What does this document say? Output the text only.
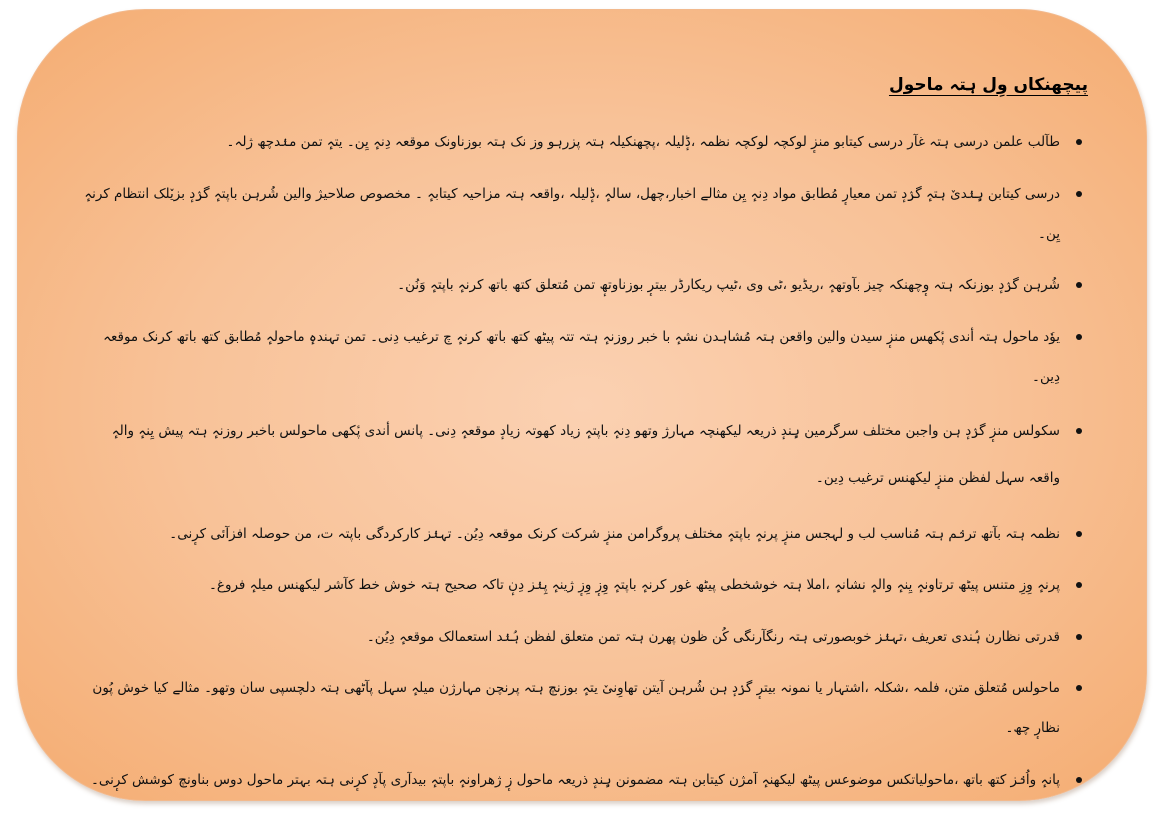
پیچھنکاں وِل ہتہ ماحول
طآلب علمن درسی ہتہ غآر درسی کیتابو منزٕ لوکچہ لوکچہ نظمہ ،ڈٕلیلہ ،پچھنکیلہ ہتہ پزرہو وز نک ہتہ بوزناونک موقعہ دِنہٕ یِن۔ یتہٕ تمن منٛدچھ ژلہ۔
درسی کیتابن ہٕنٛدیٚ ہتہٕ گرٛدٕ تمن معیارٕ مُطابق مواد دِنہٕ یِن مثالے اخبار،چھل، سالہٕ ،ڈٕلیلہ ،واقعہ ہتہ مزاحیہ کیتابہٕ ۔ مخصوص صلاحیژ والین شُرہن باپتہٕ گرٛدٕ بزیٚلک انتظام کرنہٕ یِن۔
شُرہن گرٛدٕ بوزنکہ ہتہ وٕچھنکہ چیز بآوتھہٕ ،ریڈیو ،ٹی وی ،ٹیپ ریکارڈر بیترٕ بوزناوتھٕ تمن مُتعلق کتھ باتھ کرنہٕ باپتہٕ وَنُن۔
یوٗد ماحول ہتہ أندی پٔکھس منزٕ سیدن والین واقعن ہتہ مُشاہدن نشہٕ با خبر روزنہٕ ہتہ تتہ پیٹھ کتھ باتھ کرنہٕ چ ترغیب دِنی۔ تمن تہندہٕ ماحولہٕ مُطابق کتھ باتھ کرنک موقعہ دِین۔
سکولس منزٕ گرٛدٕ ہن واجبن مختلف سرگرمین ہٕندٕ ذریعہ لیکھنچہ مہارژ وتھو دِنہٕ باپتہٕ زیاد کھوتہ زیادٕ موقعہٕ دِنی۔ پانس أندی پٔکھی ماحولس باخبر روزنہٕ ہتہ پیش یِنہٕ والہٕ واقعہ سہل لفظن منزٕ لیکھنس ترغیب دِین۔
نظمہ ہتہ بآتھ ترنٛم ہتہ مُناسب لب و لہجس منزٕ پرنہٕ باپتہٕ مختلف پروگرامن منزٕ شرکت کرنک موقعہ دِیُن۔ تہنٛز کارکردگی باپتہ ت، من حوصلہ افزآئی کرٕنی۔
پرنہٕ وِزِ متنس پیٹھ ترتاونہٕ یِنہٕ والہٕ نشانہٕ ،املا ہتہ خوشخطی پیٹھ غور کرنہٕ باپتہٕ وِزٕ وِزٕ ژینہٕ پِنٛز دِنٕ تاکہ صحیح ہتہ خوش خط کآشر لیکھنس میلہٕ فروغ۔
قدرتی نظارن ہُندی تعریف ،تہنٛز خوبصورتی ہتہ رنگآرنگی کُن ظون پھرن ہتہ تمن متعلق لفظن ہُنٛد استعمالک موقعہٕ دِیُن۔
ماحولس مُتعلق متن، فلمہ ،شکلہ ،اشتہار یا نمونہ بیترٕ گرٛدٕ ہن شُرہن آیتن تھاوِنیٚ یتہٕ بوزنچ ہتہ پرنچن مہارژن میلہٕ سہل پآٹھی ہتہ دلچسپی سان وتھو۔ مثالے کیا خوش پُون نظارٕ چھ۔
پانہٕ واُنٛز کتھ باتھ ،ماحولیاتکس موضوعس پیٹھ لیکھنہٕ آمژن کیتابن ہتہ مضمونن ہٕندٕ ذریعہ ماحول زٕ ژھراونہٕ باپتہٕ بیدآری پآدٕ کرٕنی ہتہ بہتر ماحول دوس بناونچ کوشش کرٕنی۔
